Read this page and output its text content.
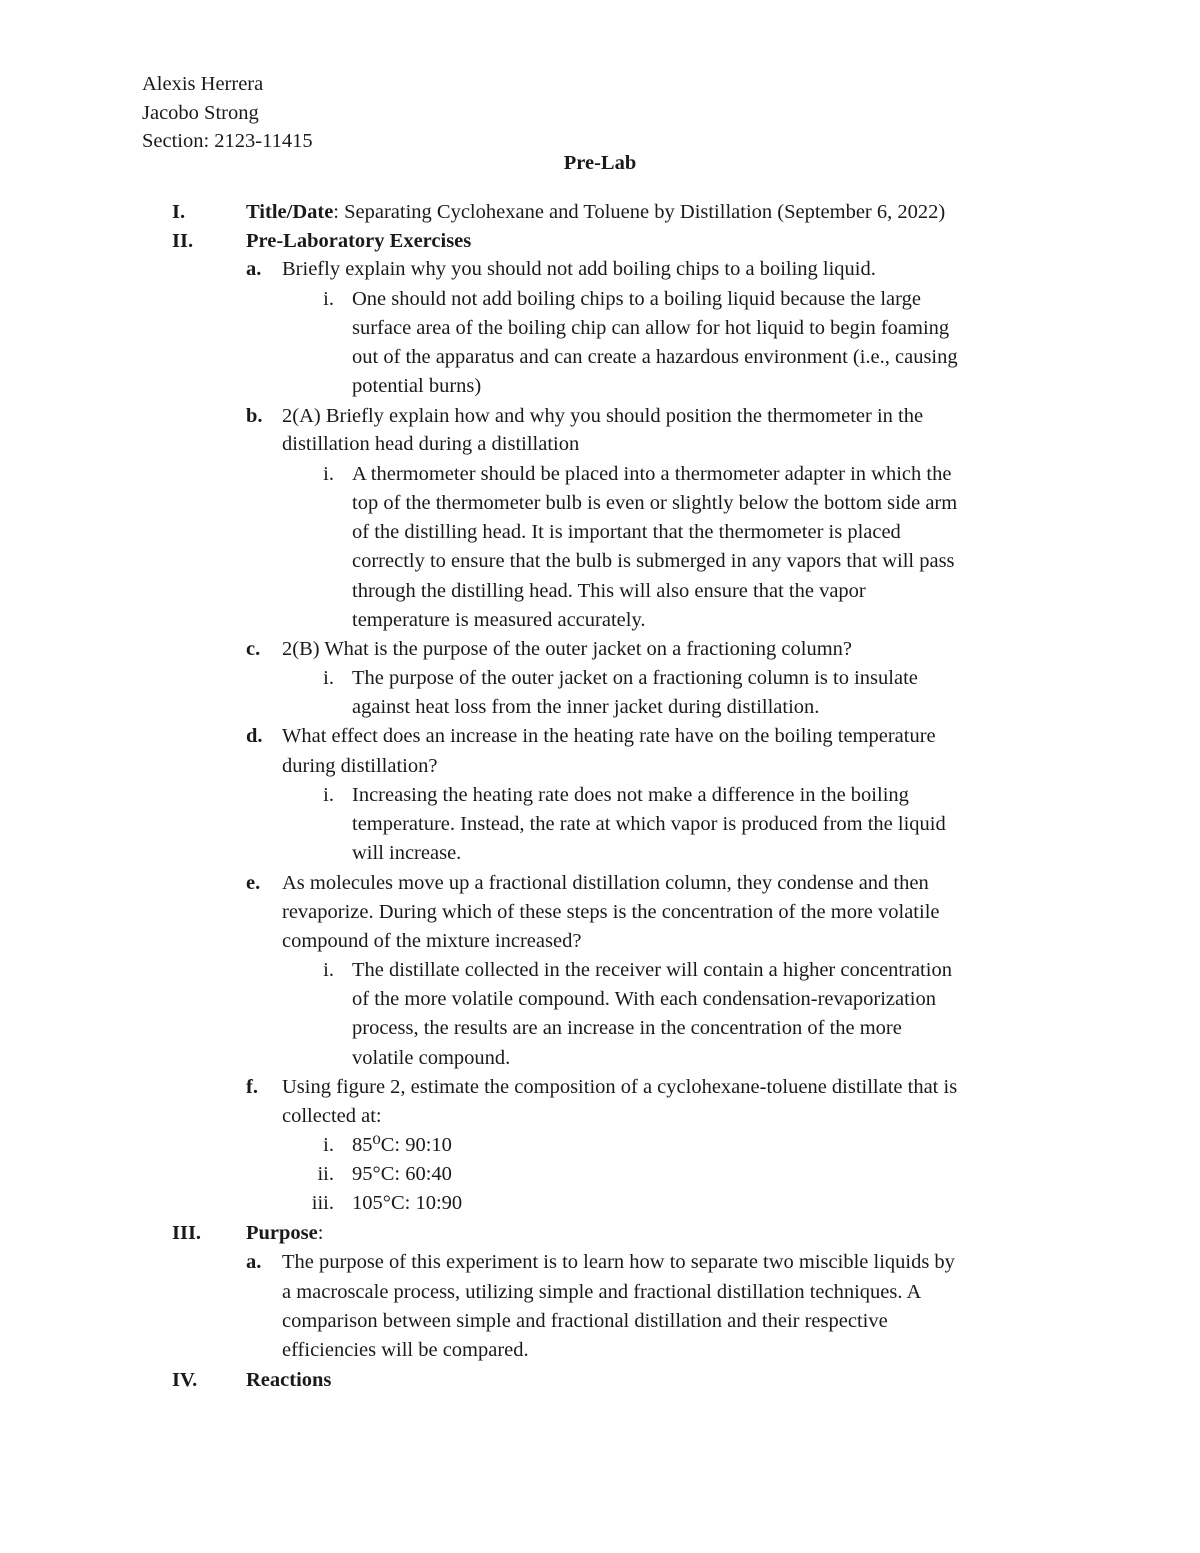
Alexis Herrera
Jacobo Strong
Section: 2123-11415
Pre-Lab
I.	Title/Date: Separating Cyclohexane and Toluene by Distillation (September 6, 2022)
II.	Pre-Laboratory Exercises
a. Briefly explain why you should not add boiling chips to a boiling liquid.
i. One should not add boiling chips to a boiling liquid because the large
surface area of the boiling chip can allow for hot liquid to begin foaming
out of the apparatus and can create a hazardous environment (i.e., causing
potential burns)
b. 2(A) Briefly explain how and why you should position the thermometer in the
distillation head during a distillation
i. A thermometer should be placed into a thermometer adapter in which the
top of the thermometer bulb is even or slightly below the bottom side arm
of the distilling head. It is important that the thermometer is placed
correctly to ensure that the bulb is submerged in any vapors that will pass
through the distilling head. This will also ensure that the vapor
temperature is measured accurately.
c. 2(B) What is the purpose of the outer jacket on a fractioning column?
i. The purpose of the outer jacket on a fractioning column is to insulate
against heat loss from the inner jacket during distillation.
d. What effect does an increase in the heating rate have on the boiling temperature
during distillation?
i. Increasing the heating rate does not make a difference in the boiling
temperature. Instead, the rate at which vapor is produced from the liquid
will increase.
e. As molecules move up a fractional distillation column, they condense and then
revaporize. During which of these steps is the concentration of the more volatile
compound of the mixture increased?
i. The distillate collected in the receiver will contain a higher concentration
of the more volatile compound. With each condensation-revaporization
process, the results are an increase in the concentration of the more
volatile compound.
f. Using figure 2, estimate the composition of a cyclohexane-toluene distillate that is
collected at:
i. 85⁰C: 90:10
ii. 95°C: 60:40
iii. 105°C: 10:90
III. Purpose:
a. The purpose of this experiment is to learn how to separate two miscible liquids by
a macroscale process, utilizing simple and fractional distillation techniques. A
comparison between simple and fractional distillation and their respective
efficiencies will be compared.
IV. Reactions
